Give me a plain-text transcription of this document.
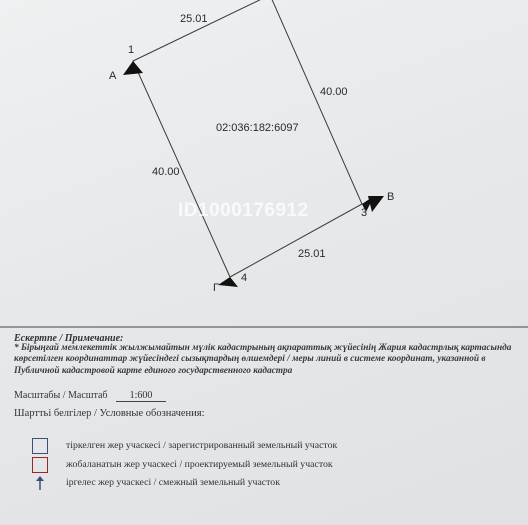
25.01
40.00
25.01
40.00
02:036:182:6097
1
3
4
А
В
Г
ID1000176912
Ескертпе / Примечание:
* Бірыңғай мемлекеттік жылжымайтын мүлік кадастрының ақпараттық жүйесінің Жария кадастрлық картасында көрсетілген координаттар жүйесіндегі сызықтардың өлшемдері / меры линий в системе координат, указанной в Публичной кадастровой карте единого государственного кадастра
Масштабы / Масштаб 1:600
Шарттьі белгілер / Условные обозначения:
тіркелген жер учаскесі / зарегистрированный земельный участок
жобаланатын жер учаскесі / проектируемый земельный участок
іргелес жер учаскесі / смежный земельный участок
